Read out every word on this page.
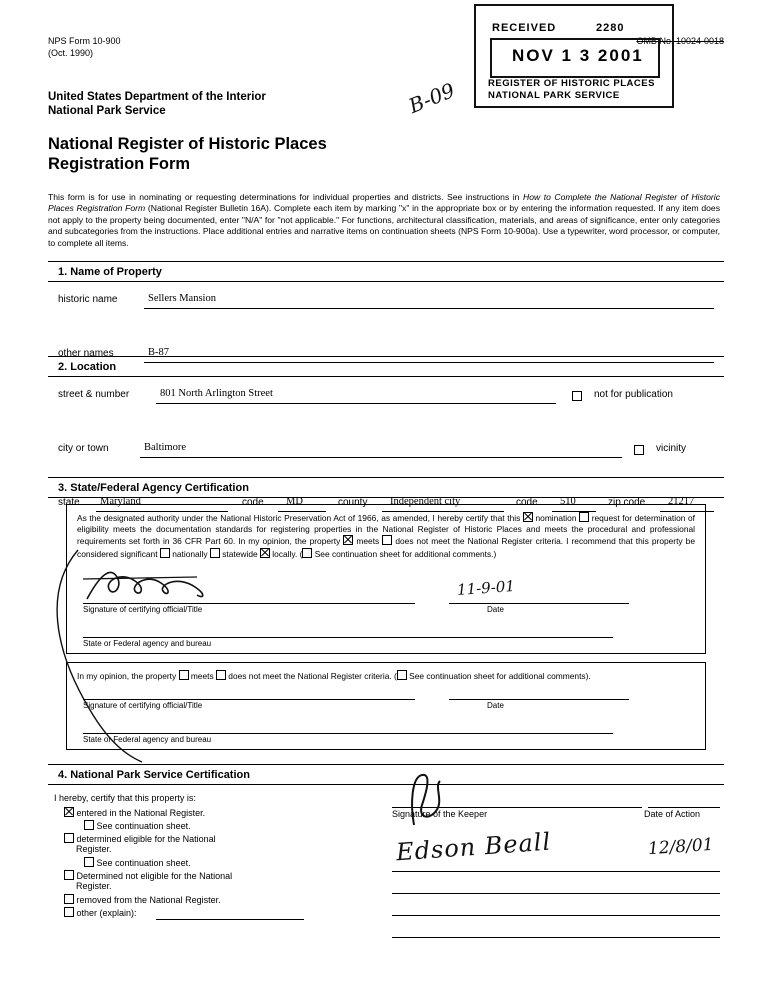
NPS Form 10-900
(Oct. 1990)
OMB No. 10024-0018
United States Department of the Interior
National Park Service
National Register of Historic Places
Registration Form
This form is for use in nominating or requesting determinations for individual properties and districts. See instructions in How to Complete the National Register of Historic Places Registration Form (National Register Bulletin 16A). Complete each item by marking "x" in the appropriate box or by entering the information requested. If any item does not apply to the property being documented, enter "N/A" for "not applicable." For functions, architectural classification, materials, and areas of significance, enter only categories and subcategories from the instructions. Place additional entries and narrative items on continuation sheets (NPS Form 10-900a). Use a typewriter, word processor, or computer, to complete all items.
1. Name of Property
historic name	Sellers Mansion
other names	B-87
2. Location
street & number	801 North Arlington Street	not for publication
city or town	Baltimore	vicinity
state Maryland	code MD	county Independent city	code 510	zip code 21217
3. State/Federal Agency Certification
As the designated authority under the National Historic Preservation Act of 1966, as amended, I hereby certify that this  nomination  request for determination of eligibility meets the documentation standards for registering properties in the National Register of Historic Places and meets the procedural and professional requirements set forth in 36 CFR Part 60. In my opinion, the property  meets  does not meet the National Register criteria. I recommend that this property be considered significant  nationally  statewide  locally. ( See continuation sheet for additional comments.)
Signature of certifying official/Title	Date
11-9-01
State or Federal agency and bureau
In my opinion, the property  meets  does not meet the National Register criteria. ( See continuation sheet for additional comments).
Signature of certifying official/Title	Date
State or Federal agency and bureau
4. National Park Service Certification
I hereby, certify that this property is:
entered in the National Register.
See continuation sheet.
determined eligible for the National
Register.
See continuation sheet.
Determined not eligible for the National
Register.
removed from the National Register.
other (explain):
Signature of the Keeper	Date of Action
Edson Beall	12/8/01
B-09
RECEIVED	2280
NOV 1 3 2001
REGISTER OF HISTORIC PLACES
NATIONAL PARK SERVICE
